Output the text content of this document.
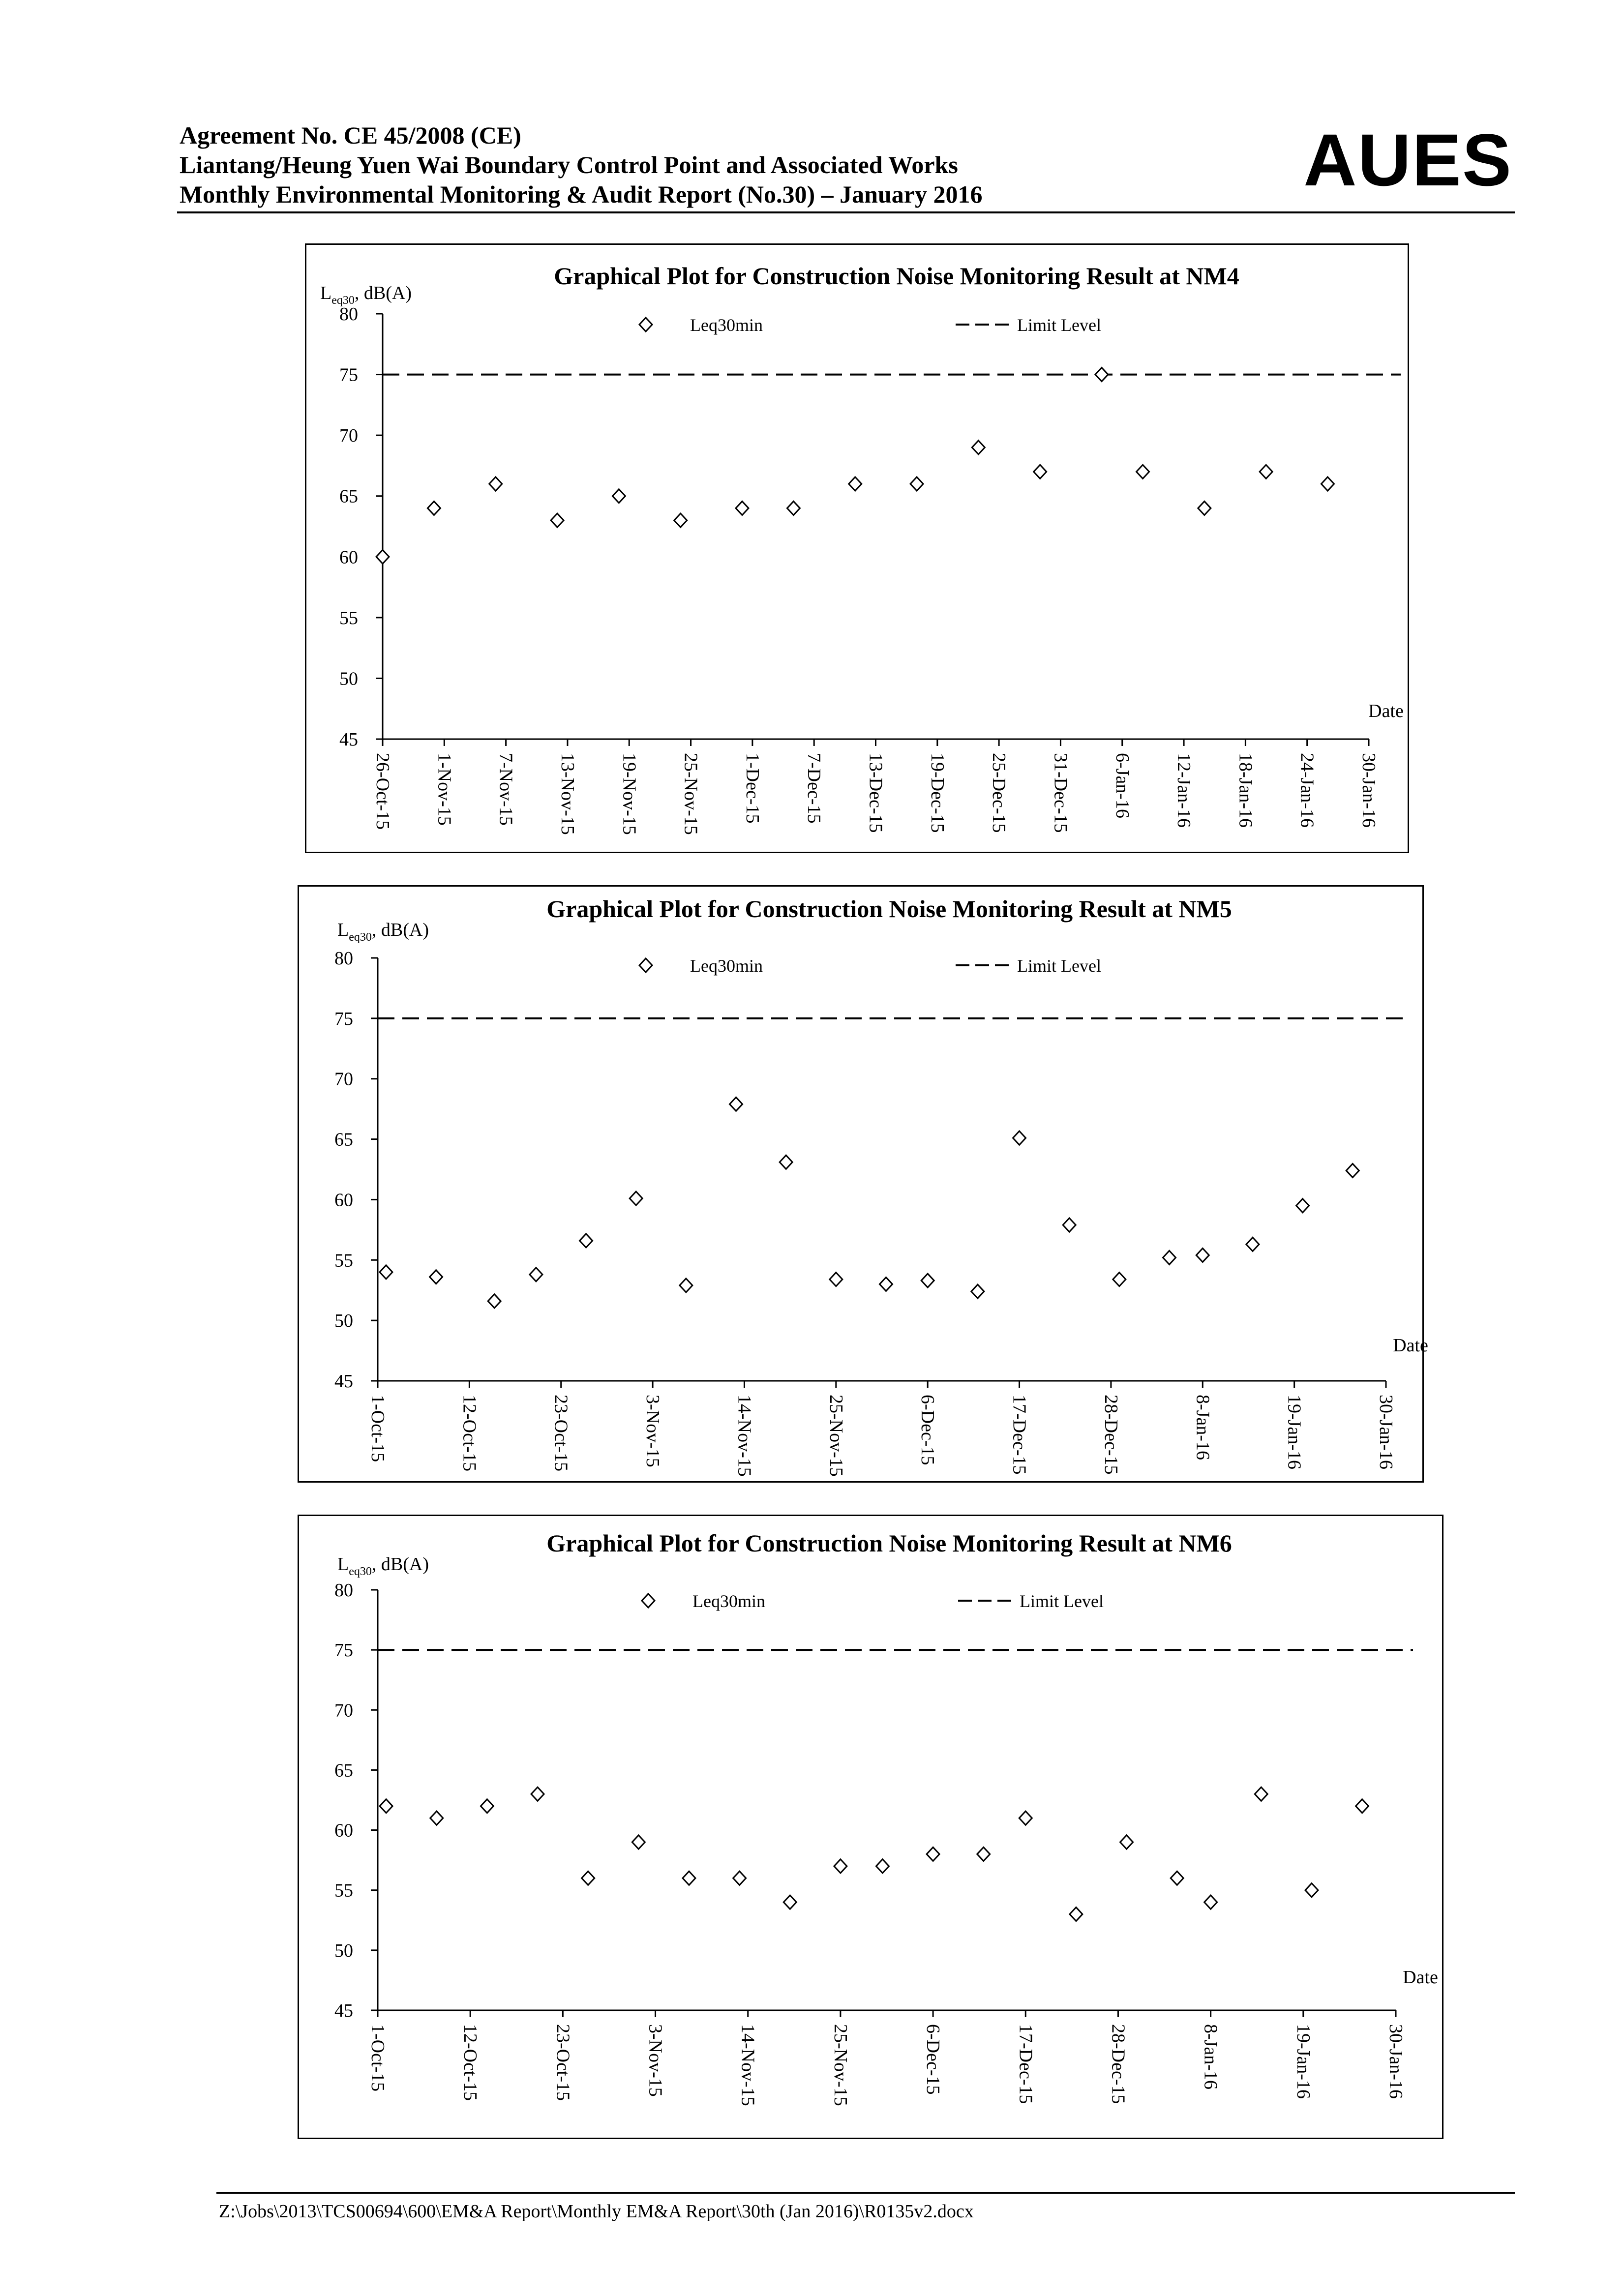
Agreement No. CE 45/2008 (CE)
Liantang/Heung Yuen Wai Boundary Control Point and Associated Works
Monthly Environmental Monitoring & Audit Report (No.30) – January 2016	AUES
Graphical Plot for Construction Noise Monitoring Result at NM4
$L_{eq30}$, dB(A)
Leq30min	Limit Level
45
50
55
60
65
70
75
80
26-Oct-15 1-Nov-15 7-Nov-15 13-Nov-15 19-Nov-15 25-Nov-15 1-Dec-15 7-Dec-15 13-Dec-15 19-Dec-15 25-Dec-15 31-Dec-15 6-Jan-16 12-Jan-16 18-Jan-16 24-Jan-16 30-Jan-16
Date
Graphical Plot for Construction Noise Monitoring Result at NM5
$L_{eq30}$, dB(A)
Leq30min	Limit Level
45
50
55
60
65
70
75
80
1-Oct-15	12-Oct-15	23-Oct-15	3-Nov-15	14-Nov-15	25-Nov-15	6-Dec-15	17-Dec-15	28-Dec-15	8-Jan-16	19-Jan-16	30-Jan-16
Date
Graphical Plot for Construction Noise Monitoring Result at NM6
$L_{eq30}$, dB(A)
Leq30min	Limit Level
45
50
55
60
65
70
75
80
1-Oct-15	12-Oct-15	23-Oct-15	3-Nov-15	14-Nov-15	25-Nov-15	6-Dec-15	17-Dec-15	28-Dec-15	8-Jan-16	19-Jan-16	30-Jan-16
Date
Z:\Jobs\2013\TCS00694\600\EM&A Report\Monthly EM&A Report\30th (Jan 2016)\R0135v2.docx
